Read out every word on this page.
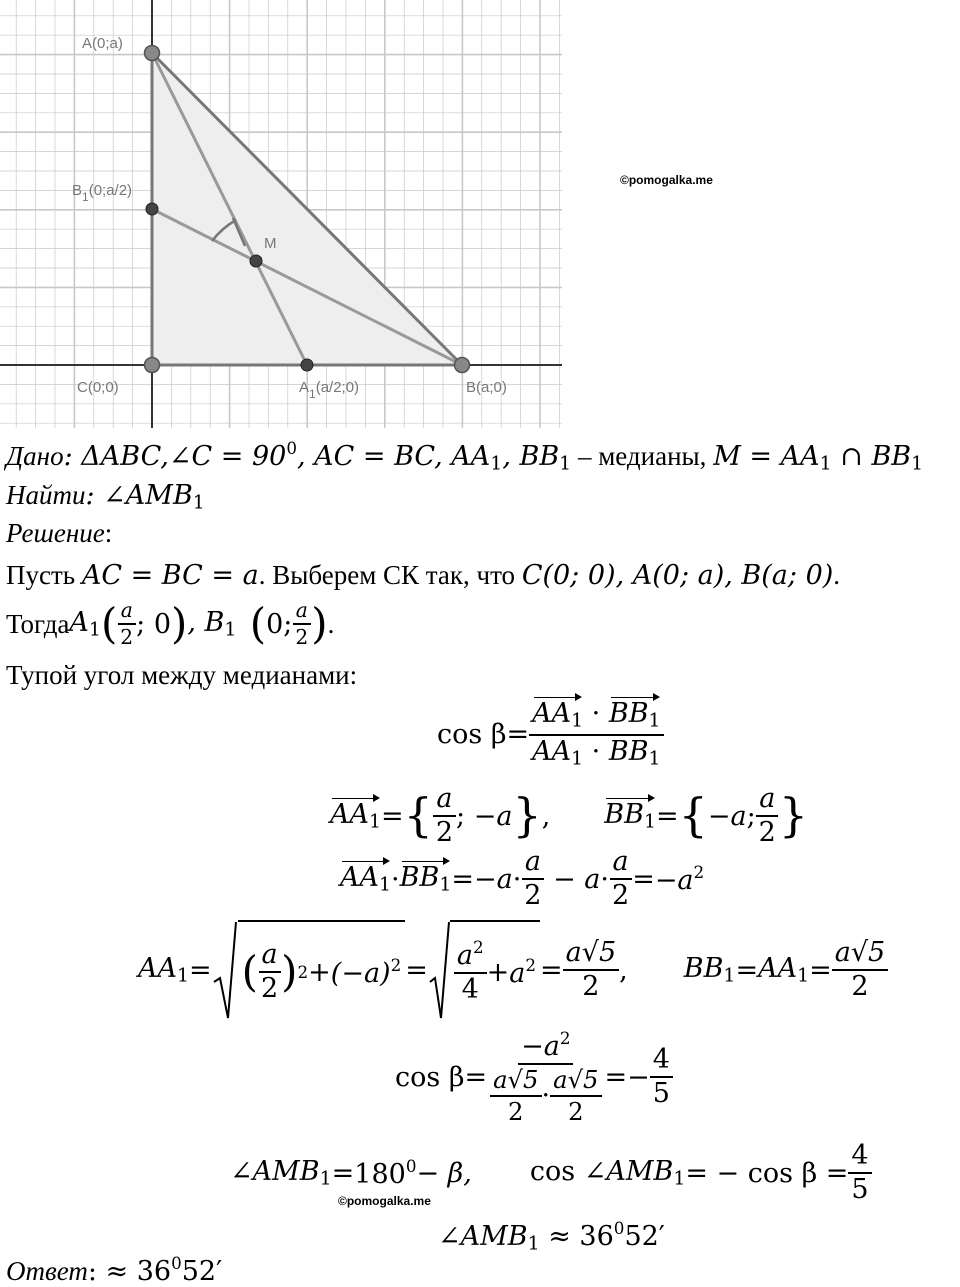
A(0;a)
$B_1(0;a/2)$
M
C(0;0)	$A_1(a/2;0)$	B(a;0)
©pomogalka.me
Дано: ΔABC,∠C = $90^0$, AC = BC, $AA_1$, $BB_1$ – медианы, $M = AA_1$ ∩ $BB_1$
Найти: $\angle AMB_1$
Решение:
Пусть AC = BC = a. Выберем СК так, что C(0; 0), A(0; a), B(a; 0).
Тогда $A_1$ ( $\frac{a}{2}$ ; 0 ) , $B_1$ ( 0; $\frac{a}{2}$ ) .
Тупой угол между медианами:
$\cos \beta = \frac{AA_1 \cdot BB_1}{AA_1 \cdot BB_1}$
$AA_1$ = { $\frac{a}{2}$ ; −a } , $BB_1$ = { −a; $\frac{a}{2}$ }
$AA_1 \cdot BB_1 = -a \cdot \frac{a}{2} - a \cdot \frac{a}{2} = -a^2$
$AA_1$ = ( $\frac{a}{2}$ ) $2 + (-a)^2 = \frac{a^2}{4} + a^2 = \frac{a√5}{2}$ , $BB_1 = AA_1 = \frac{a√5}{2}$
$\cos \beta = \frac{-a^2}{\frac{a√5}{2} \cdot \frac{a√5}{2}}$ = − $\frac{4}{5}$
$\angle AMB_1 = 180^0 - \beta$, $\cos \angle AMB_1$ = − $\cos \beta = \frac{4}{5}$
©pomogalka.me
$\angle AMB_1 \approx 36^052'$
Ответ: ≈ $36^052'$
